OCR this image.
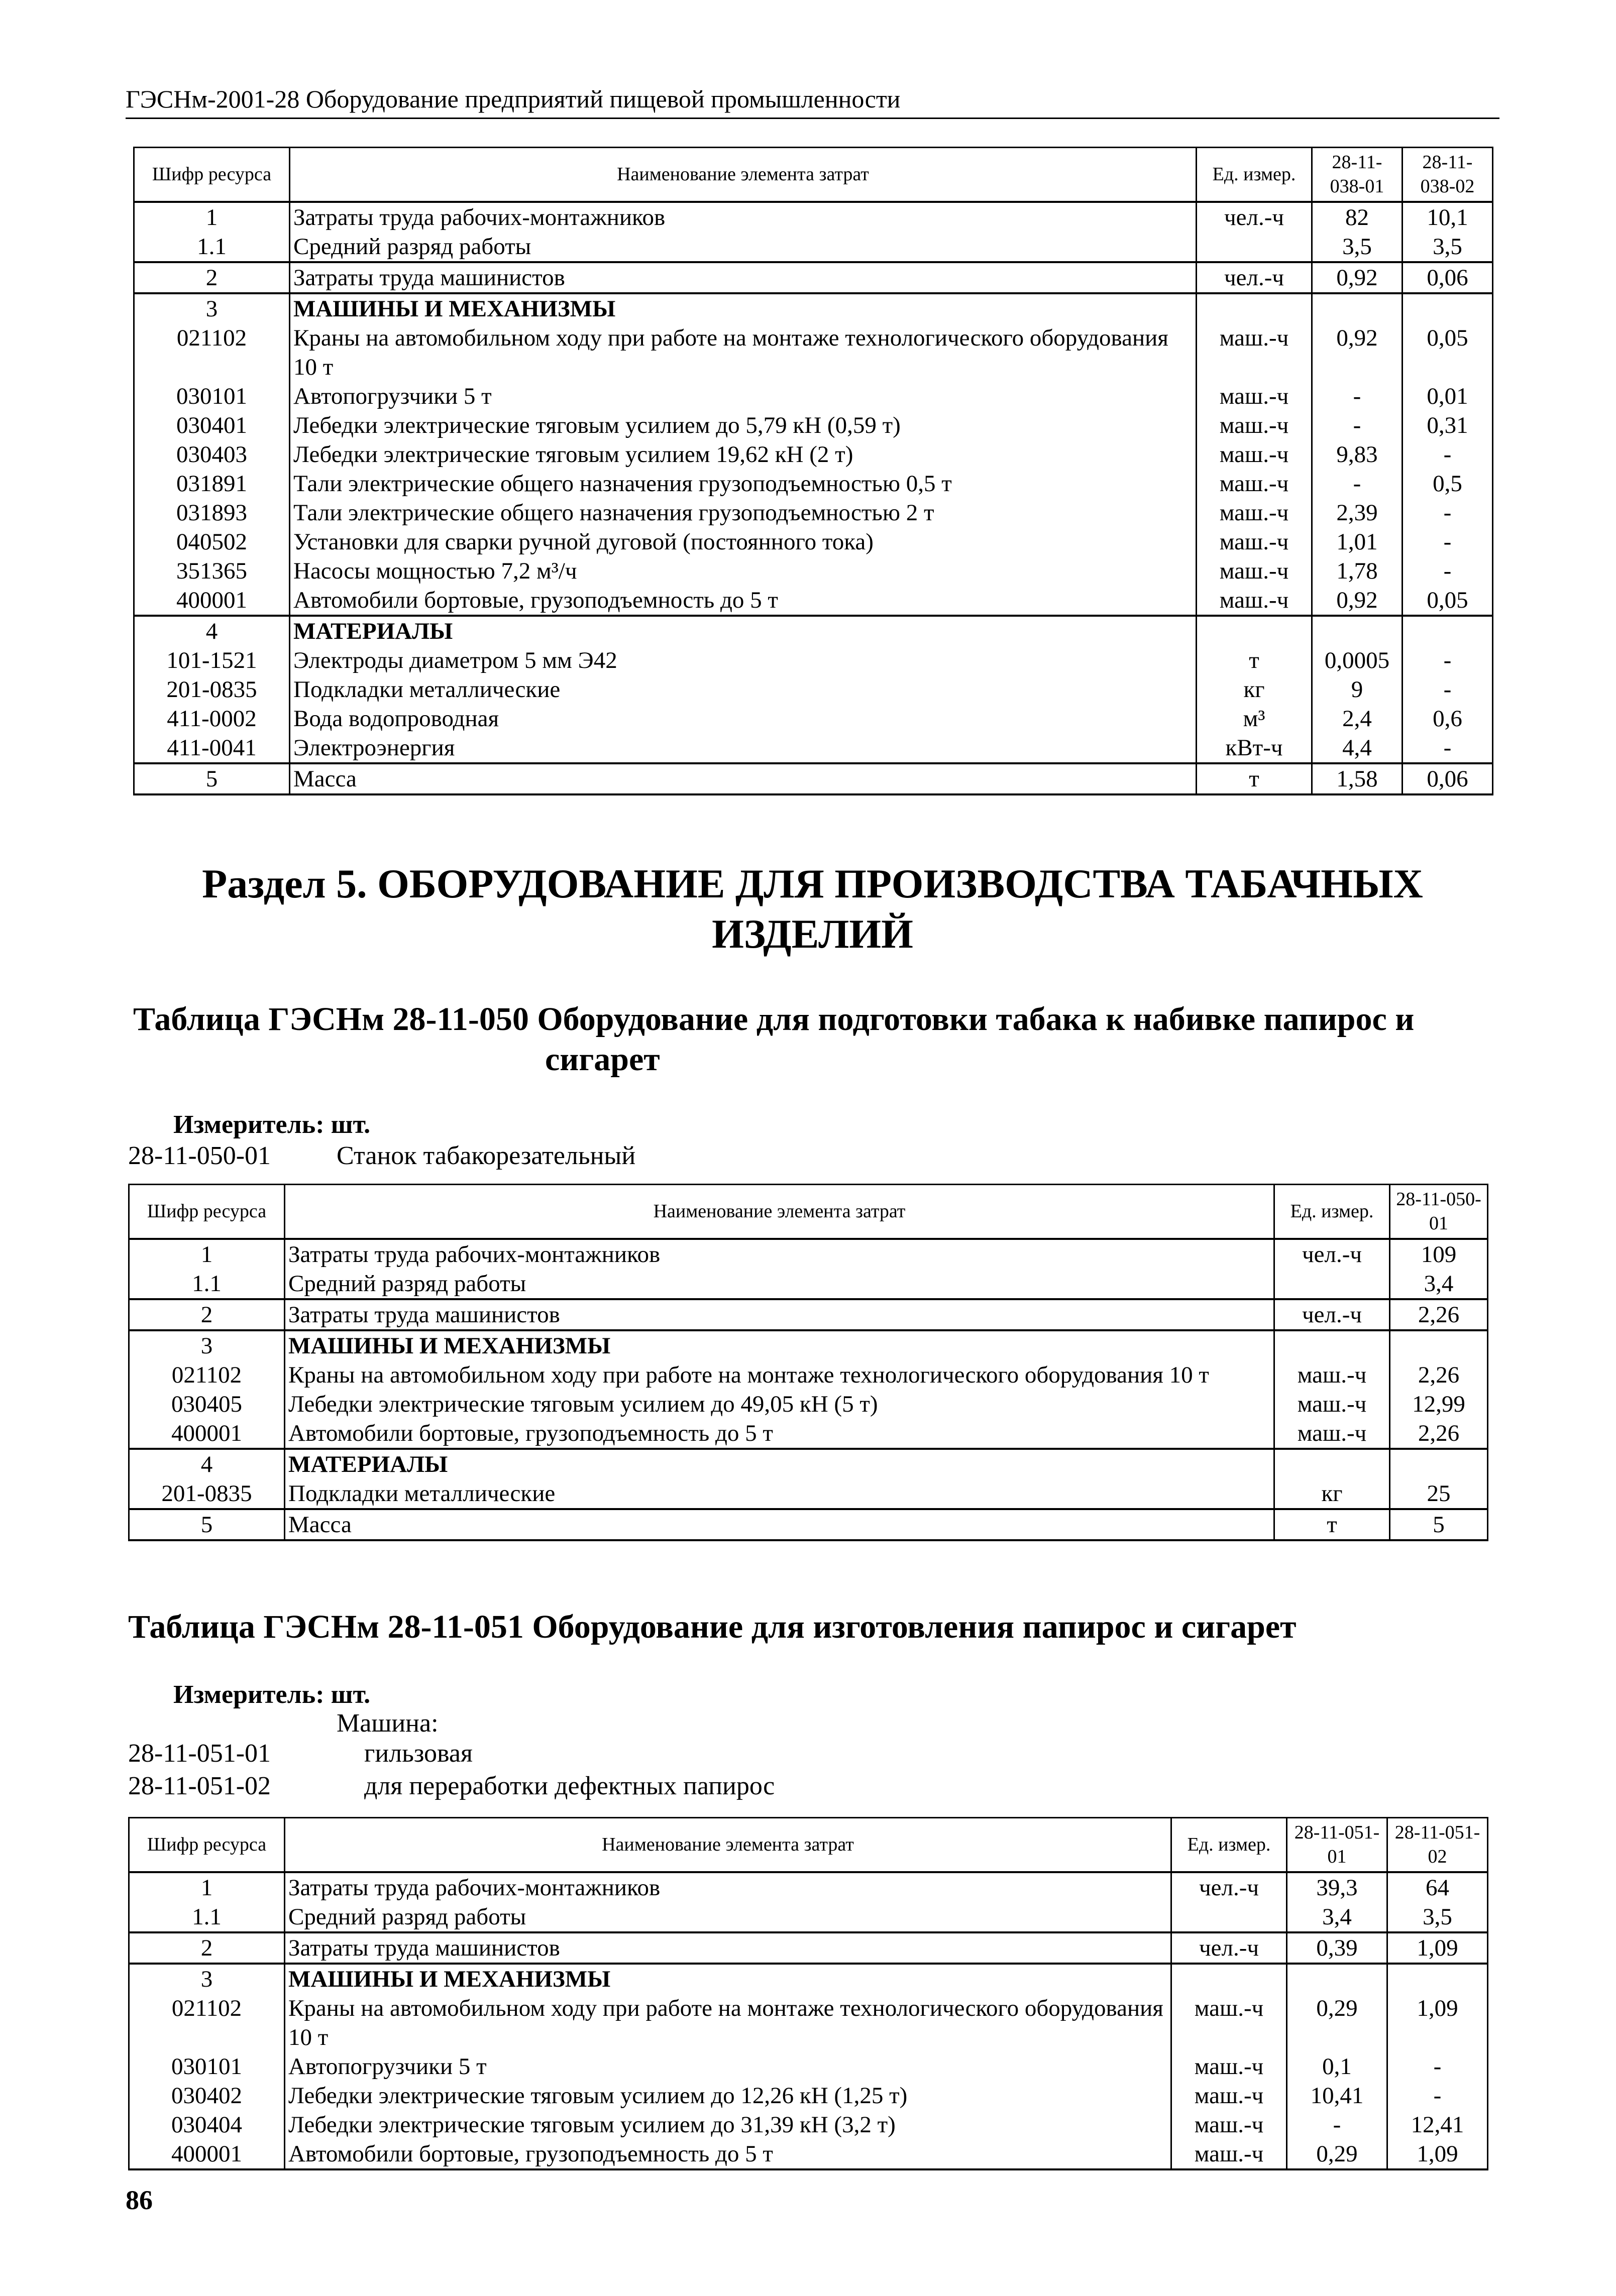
ГЭСНм-2001-28 Оборудование предприятий пищевой промышленности
Шифр ресурса	Наименование элемента затрат	Ед. измер.	28-11-038-01	28-11-038-02
1	Затраты труда рабочих-монтажников	чел.-ч	82	10,1
1.1	Средний разряд работы		3,5	3,5
2	Затраты труда машинистов	чел.-ч	0,92	0,06
3	МАШИНЫ И МЕХАНИЗМЫ			
021102	Краны на автомобильном ходу при работе на монтаже технологического оборудования 10 т	маш.-ч	0,92	0,05
030101	Автопогрузчики 5 т	маш.-ч	-	0,01
030401	Лебедки электрические тяговым усилием до 5,79 кН (0,59 т)	маш.-ч	-	0,31
030403	Лебедки электрические тяговым усилием 19,62 кН (2 т)	маш.-ч	9,83	-
031891	Тали электрические общего назначения грузоподъемностью 0,5 т	маш.-ч	-	0,5
031893	Тали электрические общего назначения грузоподъемностью 2 т	маш.-ч	2,39	-
040502	Установки для сварки ручной дуговой (постоянного тока)	маш.-ч	1,01	-
351365	Насосы мощностью 7,2 м³/ч	маш.-ч	1,78	-
400001	Автомобили бортовые, грузоподъемность до 5 т	маш.-ч	0,92	0,05
4	МАТЕРИАЛЫ			
101-1521	Электроды диаметром 5 мм Э42	т	0,0005	-
201-0835	Подкладки металлические	кг	9	-
411-0002	Вода водопроводная	м³	2,4	0,6
411-0041	Электроэнергия	кВт-ч	4,4	-
5	Масса	т	1,58	0,06
Раздел 5. ОБОРУДОВАНИЕ ДЛЯ ПРОИЗВОДСТВА ТАБАЧНЫХ
ИЗДЕЛИЙ
Таблица ГЭСНм 28-11-050 Оборудование для подготовки табака к набивке папирос и
сигарет
Измеритель: шт.
28-11-050-01	Станок табакорезательный
Шифр ресурса	Наименование элемента затрат	Ед. измер.	28-11-050-01
1	Затраты труда рабочих-монтажников	чел.-ч	109
1.1	Средний разряд работы		3,4
2	Затраты труда машинистов	чел.-ч	2,26
3	МАШИНЫ И МЕХАНИЗМЫ		
021102	Краны на автомобильном ходу при работе на монтаже технологического оборудования 10 т	маш.-ч	2,26
030405	Лебедки электрические тяговым усилием до 49,05 кН (5 т)	маш.-ч	12,99
400001	Автомобили бортовые, грузоподъемность до 5 т	маш.-ч	2,26
4	МАТЕРИАЛЫ		
201-0835	Подкладки металлические	кг	25
5	Масса	т	5
Таблица ГЭСНм 28-11-051 Оборудование для изготовления папирос и сигарет
Измеритель: шт.
Машина:
28-11-051-01	гильзовая
28-11-051-02	для переработки дефектных папирос
Шифр ресурса	Наименование элемента затрат	Ед. измер.	28-11-051-01	28-11-051-02
1	Затраты труда рабочих-монтажников	чел.-ч	39,3	64
1.1	Средний разряд работы		3,4	3,5
2	Затраты труда машинистов	чел.-ч	0,39	1,09
3	МАШИНЫ И МЕХАНИЗМЫ			
021102	Краны на автомобильном ходу при работе на монтаже технологического оборудования 10 т	маш.-ч	0,29	1,09
030101	Автопогрузчики 5 т	маш.-ч	0,1	-
030402	Лебедки электрические тяговым усилием до 12,26 кН (1,25 т)	маш.-ч	10,41	-
030404	Лебедки электрические тяговым усилием до 31,39 кН (3,2 т)	маш.-ч	-	12,41
400001	Автомобили бортовые, грузоподъемность до 5 т	маш.-ч	0,29	1,09
86
